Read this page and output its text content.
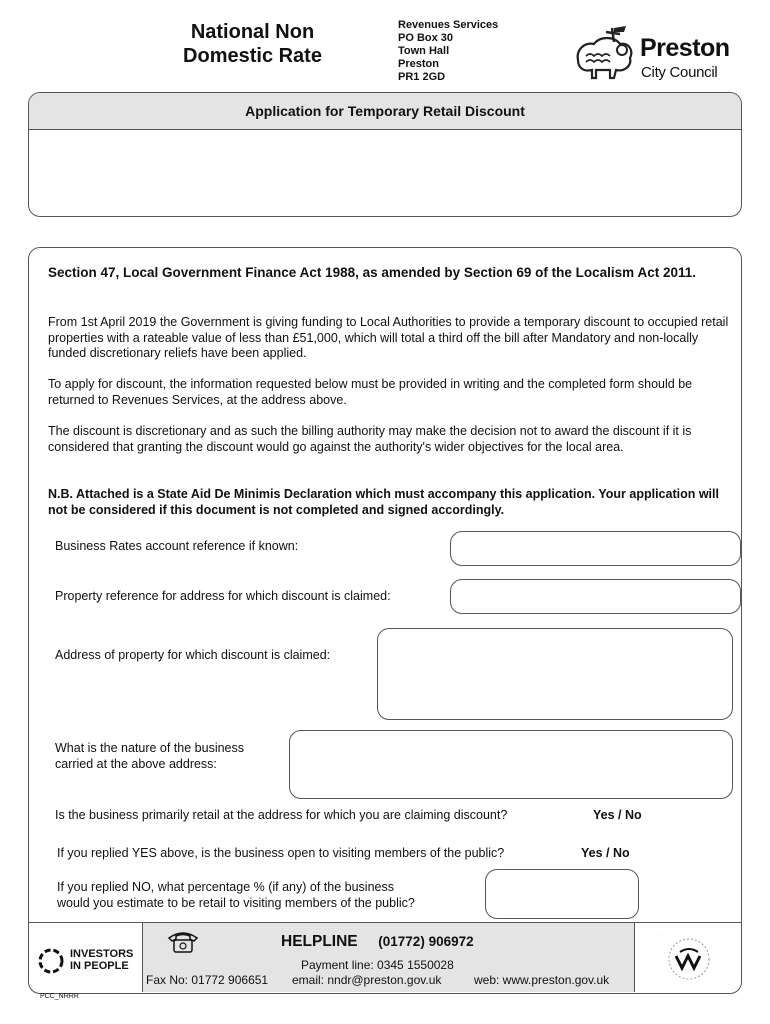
National Non
Domestic Rate
Revenues Services
PO Box 30
Town Hall
Preston
PR1 2GD
Preston
City Council
Application for Temporary Retail Discount
Section 47, Local Government Finance Act 1988, as amended by Section 69 of the Localism Act 2011.
From 1st April 2019 the Government is giving funding to Local Authorities to provide a temporary discount to occupied retail properties with a rateable value of less than £51,000, which will total a third off the bill after Mandatory and non-locally funded discretionary reliefs have been applied.
To apply for discount, the information requested below must be provided in writing and the completed form should be returned to Revenues Services, at the address above.
The discount is discretionary and as such the billing authority may make the decision not to award the discount if it is considered that granting the discount would go against the authority's wider objectives for the local area.
N.B. Attached is a State Aid De Minimis Declaration which must accompany this application. Your application will not be considered if this document is not completed and signed accordingly.
Business Rates account reference if known:
Property reference for address for which discount is claimed:
Address of property for which discount is claimed:
What is the nature of the business
carried at the above address:
Is the business primarily retail at the address for which you are claiming discount?	Yes / No
If you replied YES above, is the business open to visiting members of the public?	Yes / No
If you replied NO, what percentage % (if any) of the business
would you estimate to be retail to visiting members of the public?
INVESTORS
IN PEOPLE
HELPLINE (01772) 906972
Payment line: 0345 1550028
Fax No: 01772 906651 email: nndr@preston.gov.uk	web: www.preston.gov.uk
PCC_NRRR
